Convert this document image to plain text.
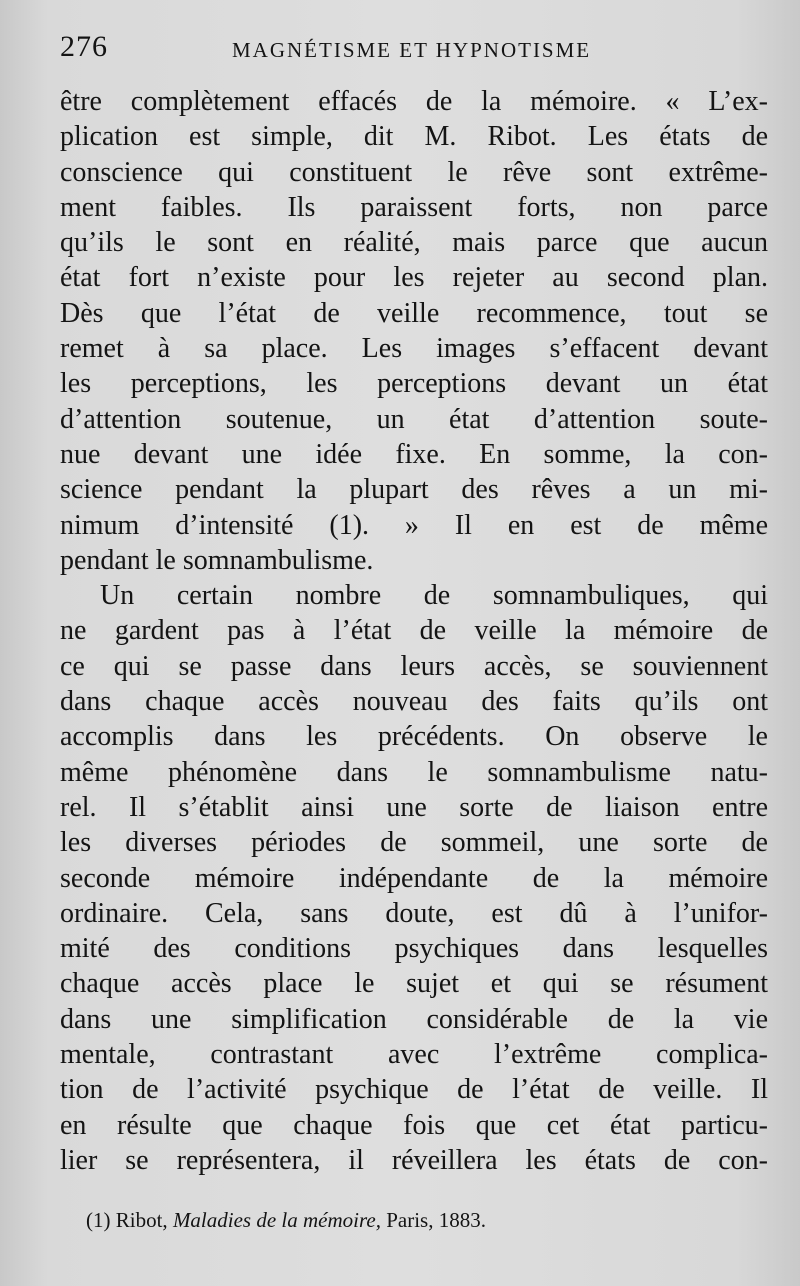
276	MAGNÉTISME ET HYPNOTISME
être complètement effacés de la mémoire. « L’ex-
plication est simple, dit M. Ribot. Les états de
conscience qui constituent le rêve sont extrême-
ment faibles. Ils paraissent forts, non parce
qu’ils le sont en réalité, mais parce que aucun
état fort n’existe pour les rejeter au second plan.
Dès que l’état de veille recommence, tout se
remet à sa place. Les images s’effacent devant
les perceptions, les perceptions devant un état
d’attention soutenue, un état d’attention soute-
nue devant une idée fixe. En somme, la con-
science pendant la plupart des rêves a un mi-
nimum d’intensité (1). » Il en est de même
pendant le somnambulisme.
Un certain nombre de somnambuliques, qui
ne gardent pas à l’état de veille la mémoire de
ce qui se passe dans leurs accès, se souviennent
dans chaque accès nouveau des faits qu’ils ont
accomplis dans les précédents. On observe le
même phénomène dans le somnambulisme natu-
rel. Il s’établit ainsi une sorte de liaison entre
les diverses périodes de sommeil, une sorte de
seconde mémoire indépendante de la mémoire
ordinaire. Cela, sans doute, est dû à l’unifor-
mité des conditions psychiques dans lesquelles
chaque accès place le sujet et qui se résument
dans une simplification considérable de la vie
mentale, contrastant avec l’extrême complica-
tion de l’activité psychique de l’état de veille. Il
en résulte que chaque fois que cet état particu-
lier se représentera, il réveillera les états de con-
(1) Ribot, Maladies de la mémoire, Paris, 1883.
